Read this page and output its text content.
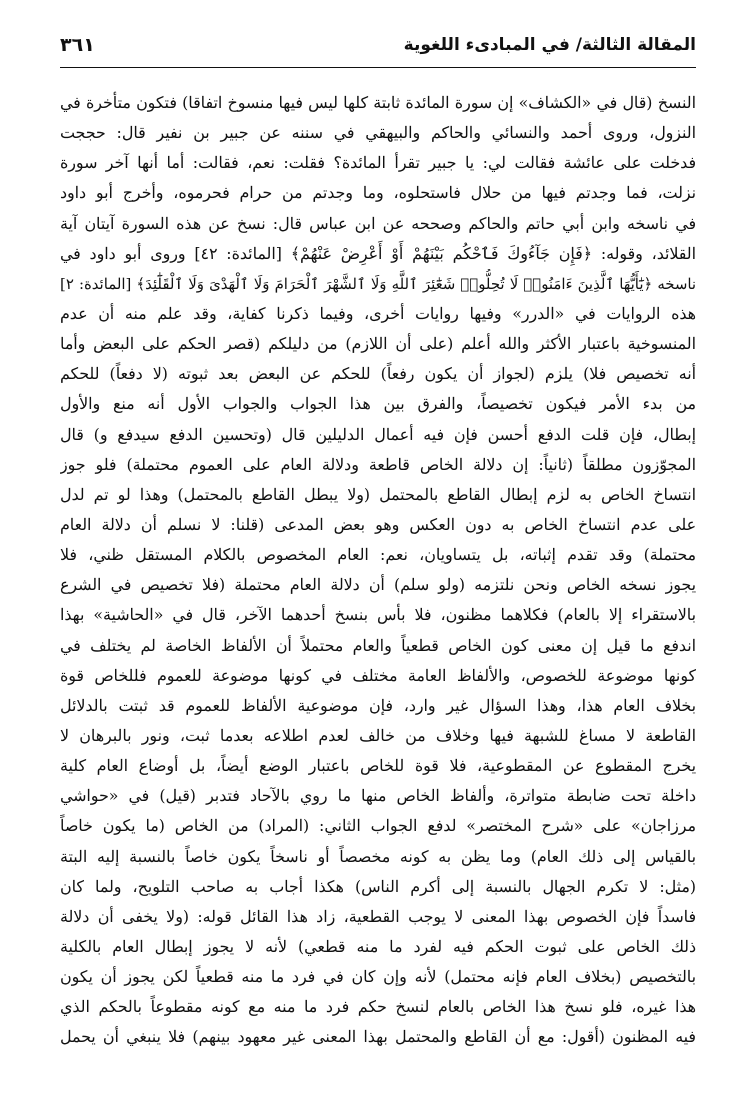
المقالة الثالثة/ في المبادىء اللغوية
٣٦١
النسخ (قال في «الكشاف» إن سورة المائدة ثابتة كلها ليس فيها منسوخ اتفاقا) فتكون متأخرة في
النزول، وروى أحمد والنسائي والحاكم والبيهقي في سننه عن جبير بن نفير قال: حججت
فدخلت على عائشة فقالت لي: يا جبير تقرأ المائدة؟ فقلت: نعم، فقالت: أما أنها آخر سورة
نزلت، فما وجدتم فيها من حلال فاستحلوه، وما وجدتم من حرام فحرموه، وأخرج أبو داود
في ناسخه وابن أبي حاتم والحاكم وصححه عن ابن عباس قال: نسخ عن هذه السورة آيتان آية
القلائد، وقوله: ﴿فَإِن جَآءُوكَ فَٱحْكُم بَيْنَهُمْ أَوْ أَعْرِضْ عَنْهُمْ﴾ [المائدة: ٤٢] وروى أبو داود في
ناسخه ﴿يَٰٓأَيُّهَا ٱلَّذِينَ ءَامَنُوا۟ لَا تُحِلُّوا۟ شَعَٰٓئِرَ ٱللَّهِ وَلَا ٱلشَّهْرَ ٱلْحَرَامَ وَلَا ٱلْهَدْىَ وَلَا ٱلْقَلَٰٓئِدَ﴾ [المائدة: ٢]
هذه الروايات في «الدرر» وفيها روايات أخرى، وفيما ذكرنا كفاية، وقد علم منه أن عدم
المنسوخية باعتبار الأكثر والله أعلم (على أن اللازم) من دليلكم (قصر الحكم على البعض وأما
أنه تخصيص فلا) يلزم (لجواز أن يكون رفعاً) للحكم عن البعض بعد ثبوته (لا دفعاً) للحكم
من بدء الأمر فيكون تخصيصاً، والفرق بين هذا الجواب والجواب الأول أنه منع والأول
إبطال، فإن قلت الدفع أحسن فإن فيه أعمال الدليلين قال (وتحسين الدفع سيدفع و) قال
المجوّزون مطلقاً (ثانياً: إن دلالة الخاص قاطعة ودلالة العام على العموم محتملة) فلو جوز
انتساخ الخاص به لزم إبطال القاطع بالمحتمل (ولا يبطل القاطع بالمحتمل) وهذا لو تم لدل
على عدم انتساخ الخاص به دون العكس وهو بعض المدعى (قلنا: لا نسلم أن دلالة العام
محتملة) وقد تقدم إثباته، بل يتساويان، نعم: العام المخصوص بالكلام المستقل ظني، فلا
يجوز نسخه الخاص ونحن نلتزمه (ولو سلم) أن دلالة العام محتملة (فلا تخصيص في الشرع
بالاستقراء إلا بالعام) فكلاهما مظنون، فلا بأس بنسخ أحدهما الآخر، قال في «الحاشية» بهذا
اندفع ما قيل إن معنى كون الخاص قطعياً والعام محتملاً أن الألفاظ الخاصة لم يختلف في
كونها موضوعة للخصوص، والألفاظ العامة مختلف في كونها موضوعة للعموم فللخاص قوة
بخلاف العام هذا، وهذا السؤال غير وارد، فإن موضوعية الألفاظ للعموم قد ثبتت بالدلائل
القاطعة لا مساغ للشبهة فيها وخلاف من خالف لعدم اطلاعه بعدما ثبت، ونور بالبرهان لا
يخرج المقطوع عن المقطوعية، فلا قوة للخاص باعتبار الوضع أيضاً، بل أوضاع العام كلية
داخلة تحت ضابطة متواترة، وألفاظ الخاص منها ما روي بالآحاد فتدبر (قيل) في «حواشي
مرزاجان» على «شرح المختصر» لدفع الجواب الثاني: (المراد) من الخاص (ما يكون خاصاً
بالقياس إلى ذلك العام) وما يظن به كونه مخصصاً أو ناسخاً يكون خاصاً بالنسبة إليه البتة
(مثل: لا تكرم الجهال بالنسبة إلى أكرم الناس) هكذا أجاب به صاحب التلويح، ولما كان
فاسداً فإن الخصوص بهذا المعنى لا يوجب القطعية، زاد هذا القائل قوله: (ولا يخفى أن دلالة
ذلك الخاص على ثبوت الحكم فيه لفرد ما منه قطعي) لأنه لا يجوز إبطال العام بالكلية
بالتخصيص (بخلاف العام فإنه محتمل) لأنه وإن كان في فرد ما منه قطعياً لكن يجوز أن يكون
هذا غيره، فلو نسخ هذا الخاص بالعام لنسخ حكم فرد ما منه مع كونه مقطوعاً بالحكم الذي
فيه المظنون (أقول: مع أن القاطع والمحتمل بهذا المعنى غير معهود بينهم) فلا ينبغي أن يحمل
